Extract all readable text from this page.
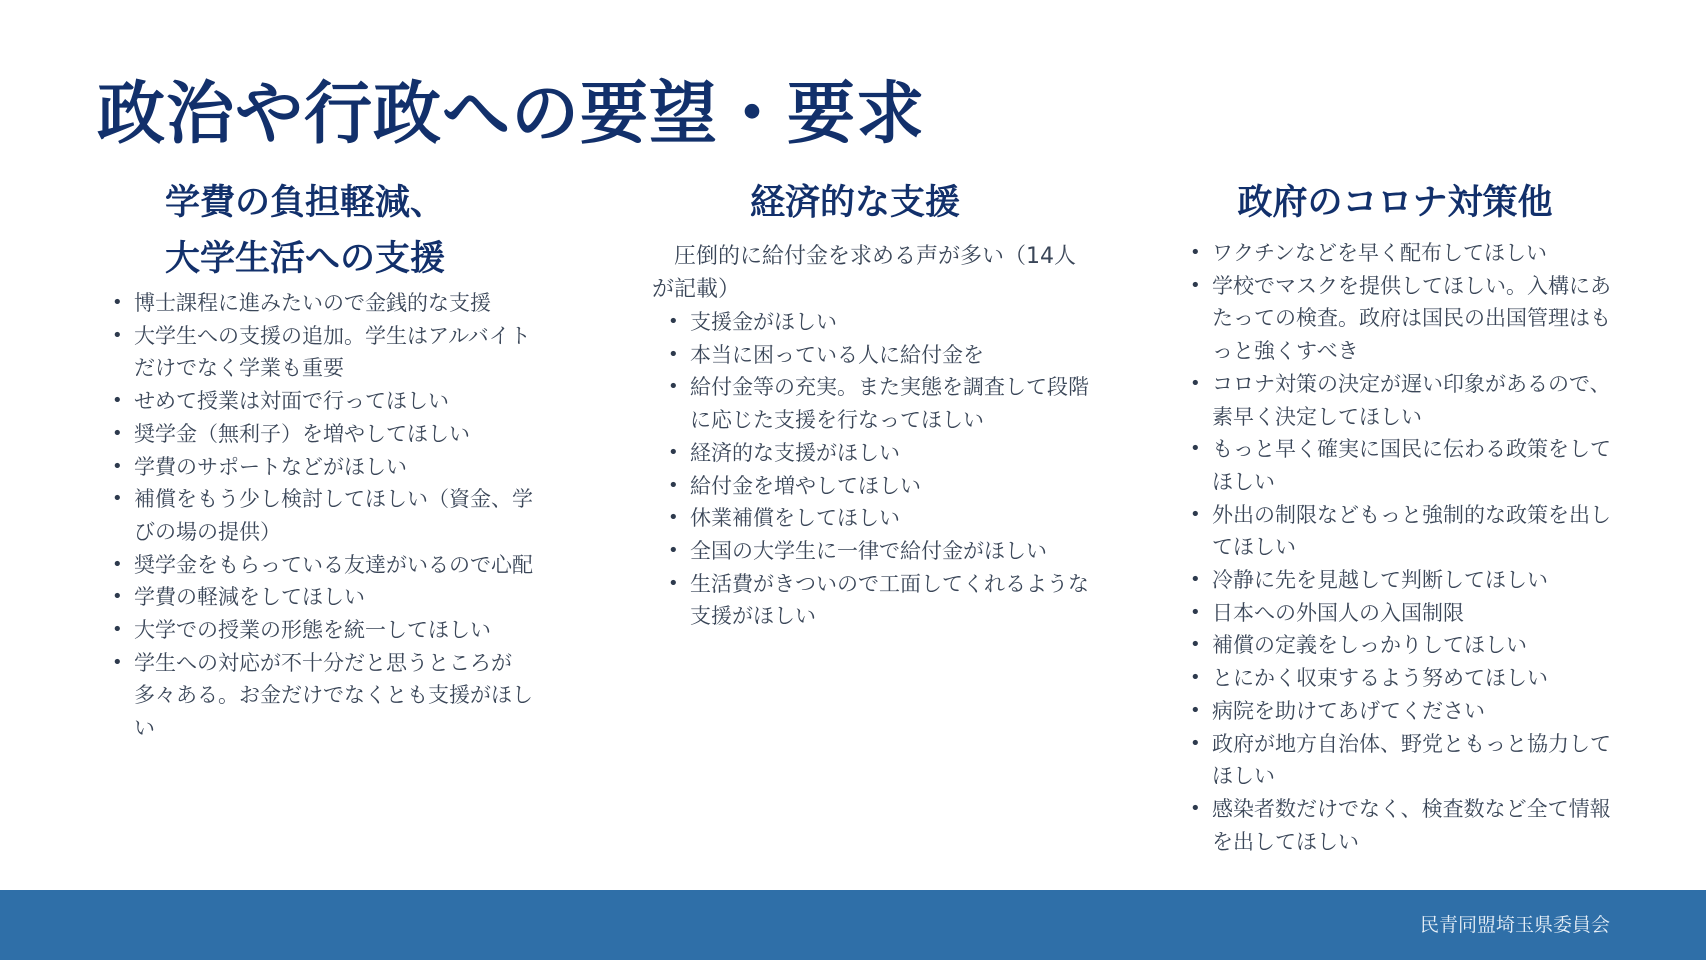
政治や行政への要望・要求
学費の負担軽減、
大学生活への支援
• 博士課程に進みたいので金銭的な支援
• 大学生への支援の追加。学生はアルバイトだけでなく学業も重要
• せめて授業は対面で行ってほしい
• 奨学金（無利子）を増やしてほしい
• 学費のサポートなどがほしい
• 補償をもう少し検討してほしい（資金、学びの場の提供）
• 奨学金をもらっている友達がいるので心配
• 学費の軽減をしてほしい
• 大学での授業の形態を統一してほしい
• 学生への対応が不十分だと思うところが多々ある。お金だけでなくとも支援がほしい
経済的な支援

圧倒的に給付金を求める声が多い（14人が記載）

• 支援金がほしい
• 本当に困っている人に給付金を
• 給付金等の充実。また実態を調査して段階に応じた支援を行なってほしい
• 経済的な支援がほしい
• 給付金を増やしてほしい
• 休業補償をしてほしい
• 全国の大学生に一律で給付金がほしい
• 生活費がきついので工面してくれるような支援がほしい
政府のコロナ対策他
• ワクチンなどを早く配布してほしい
• 学校でマスクを提供してほしい。入構にあたっての検査。政府は国民の出国管理はもっと強くすべき
• コロナ対策の決定が遅い印象があるので、素早く決定してほしい
• もっと早く確実に国民に伝わる政策をしてほしい
• 外出の制限などもっと強制的な政策を出してほしい
• 冷静に先を見越して判断してほしい
• 日本への外国人の入国制限
• 補償の定義をしっかりしてほしい
• とにかく収束するよう努めてほしい
• 病院を助けてあげてください
• 政府が地方自治体、野党ともっと協力してほしい
• 感染者数だけでなく、検査数など全て情報を出してほしい
民青同盟埼玉県委員会
